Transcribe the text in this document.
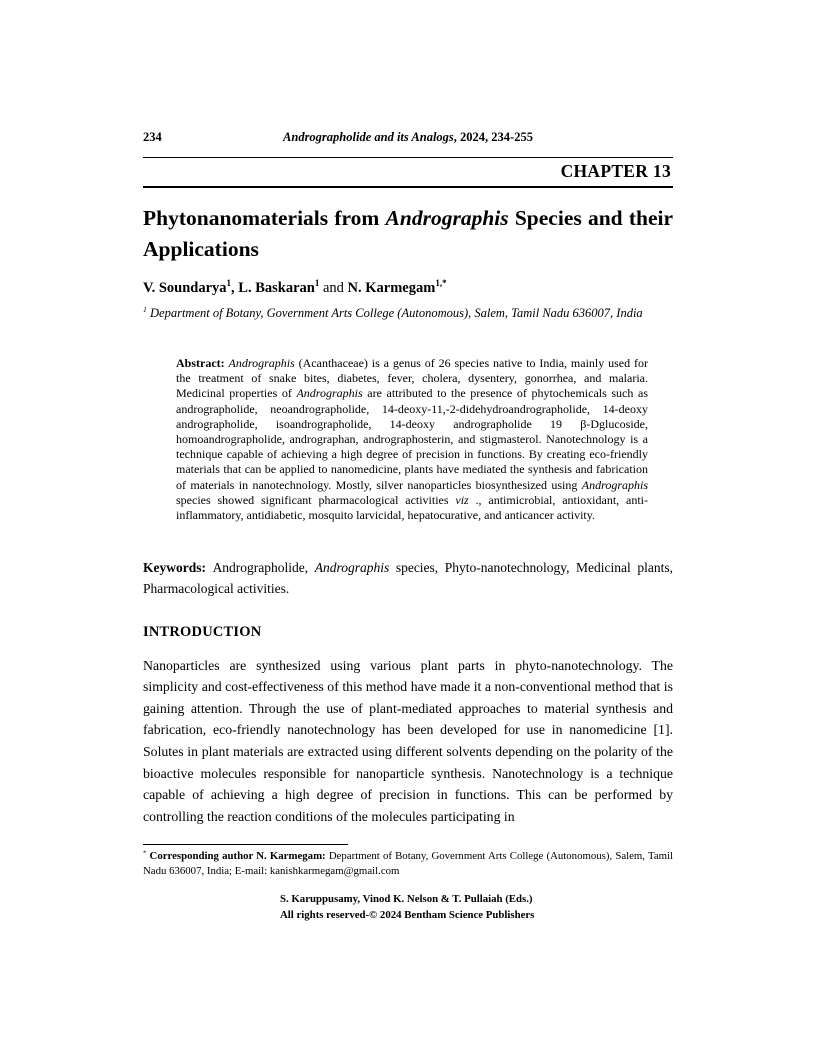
234	Andrographolide and its Analogs, 2024, 234-255
CHAPTER 13
Phytonanomaterials from Andrographis Species and their Applications
V. Soundarya$^1$, L. Baskaran$^1$ and N. Karmegam$^{1,*}$
$^1$ Department of Botany, Government Arts College (Autonomous), Salem, Tamil Nadu 636007, India
Abstract: Andrographis (Acanthaceae) is a genus of 26 species native to India, mainly used for the treatment of snake bites, diabetes, fever, cholera, dysentery, gonorrhea, and malaria. Medicinal properties of Andrographis are attributed to the presence of phytochemicals such as andrographolide, neoandrographolide, 14-deoxy-11,-2-didehydroandrographolide, 14-deoxy andrographolide, isoandrographolide, 14-deoxy andrographolide 19 β-Dglucoside, homoandrographolide, andrographan, andrographosterin, and stigmasterol. Nanotechnology is a technique capable of achieving a high degree of precision in functions. By creating eco-friendly materials that can be applied to nanomedicine, plants have mediated the synthesis and fabrication of materials in nanotechnology. Mostly, silver nanoparticles biosynthesized using Andrographis species showed significant pharmacological activities viz ., antimicrobial, antioxidant, anti-inflammatory, antidiabetic, mosquito larvicidal, hepatocurative, and anticancer activity.
Keywords: Andrographolide, Andrographis species, Phyto-nanotechnology, Medicinal plants, Pharmacological activities.
INTRODUCTION
Nanoparticles are synthesized using various plant parts in phyto-nanotechnology. The simplicity and cost-effectiveness of this method have made it a non-conventional method that is gaining attention. Through the use of plant-mediated approaches to material synthesis and fabrication, eco-friendly nanotechnology has been developed for use in nanomedicine [1]. Solutes in plant materials are extracted using different solvents depending on the polarity of the bioactive molecules responsible for nanoparticle synthesis. Nanotechnology is a technique capable of achieving a high degree of precision in functions. This can be performed by controlling the reaction conditions of the molecules participating in
* Corresponding author N. Karmegam: Department of Botany, Government Arts College (Autonomous), Salem, Tamil Nadu 636007, India; E-mail: kanishkarmegam@gmail.com
S. Karuppusamy, Vinod K. Nelson & T. Pullaiah (Eds.)
All rights reserved-© 2024 Bentham Science Publishers
